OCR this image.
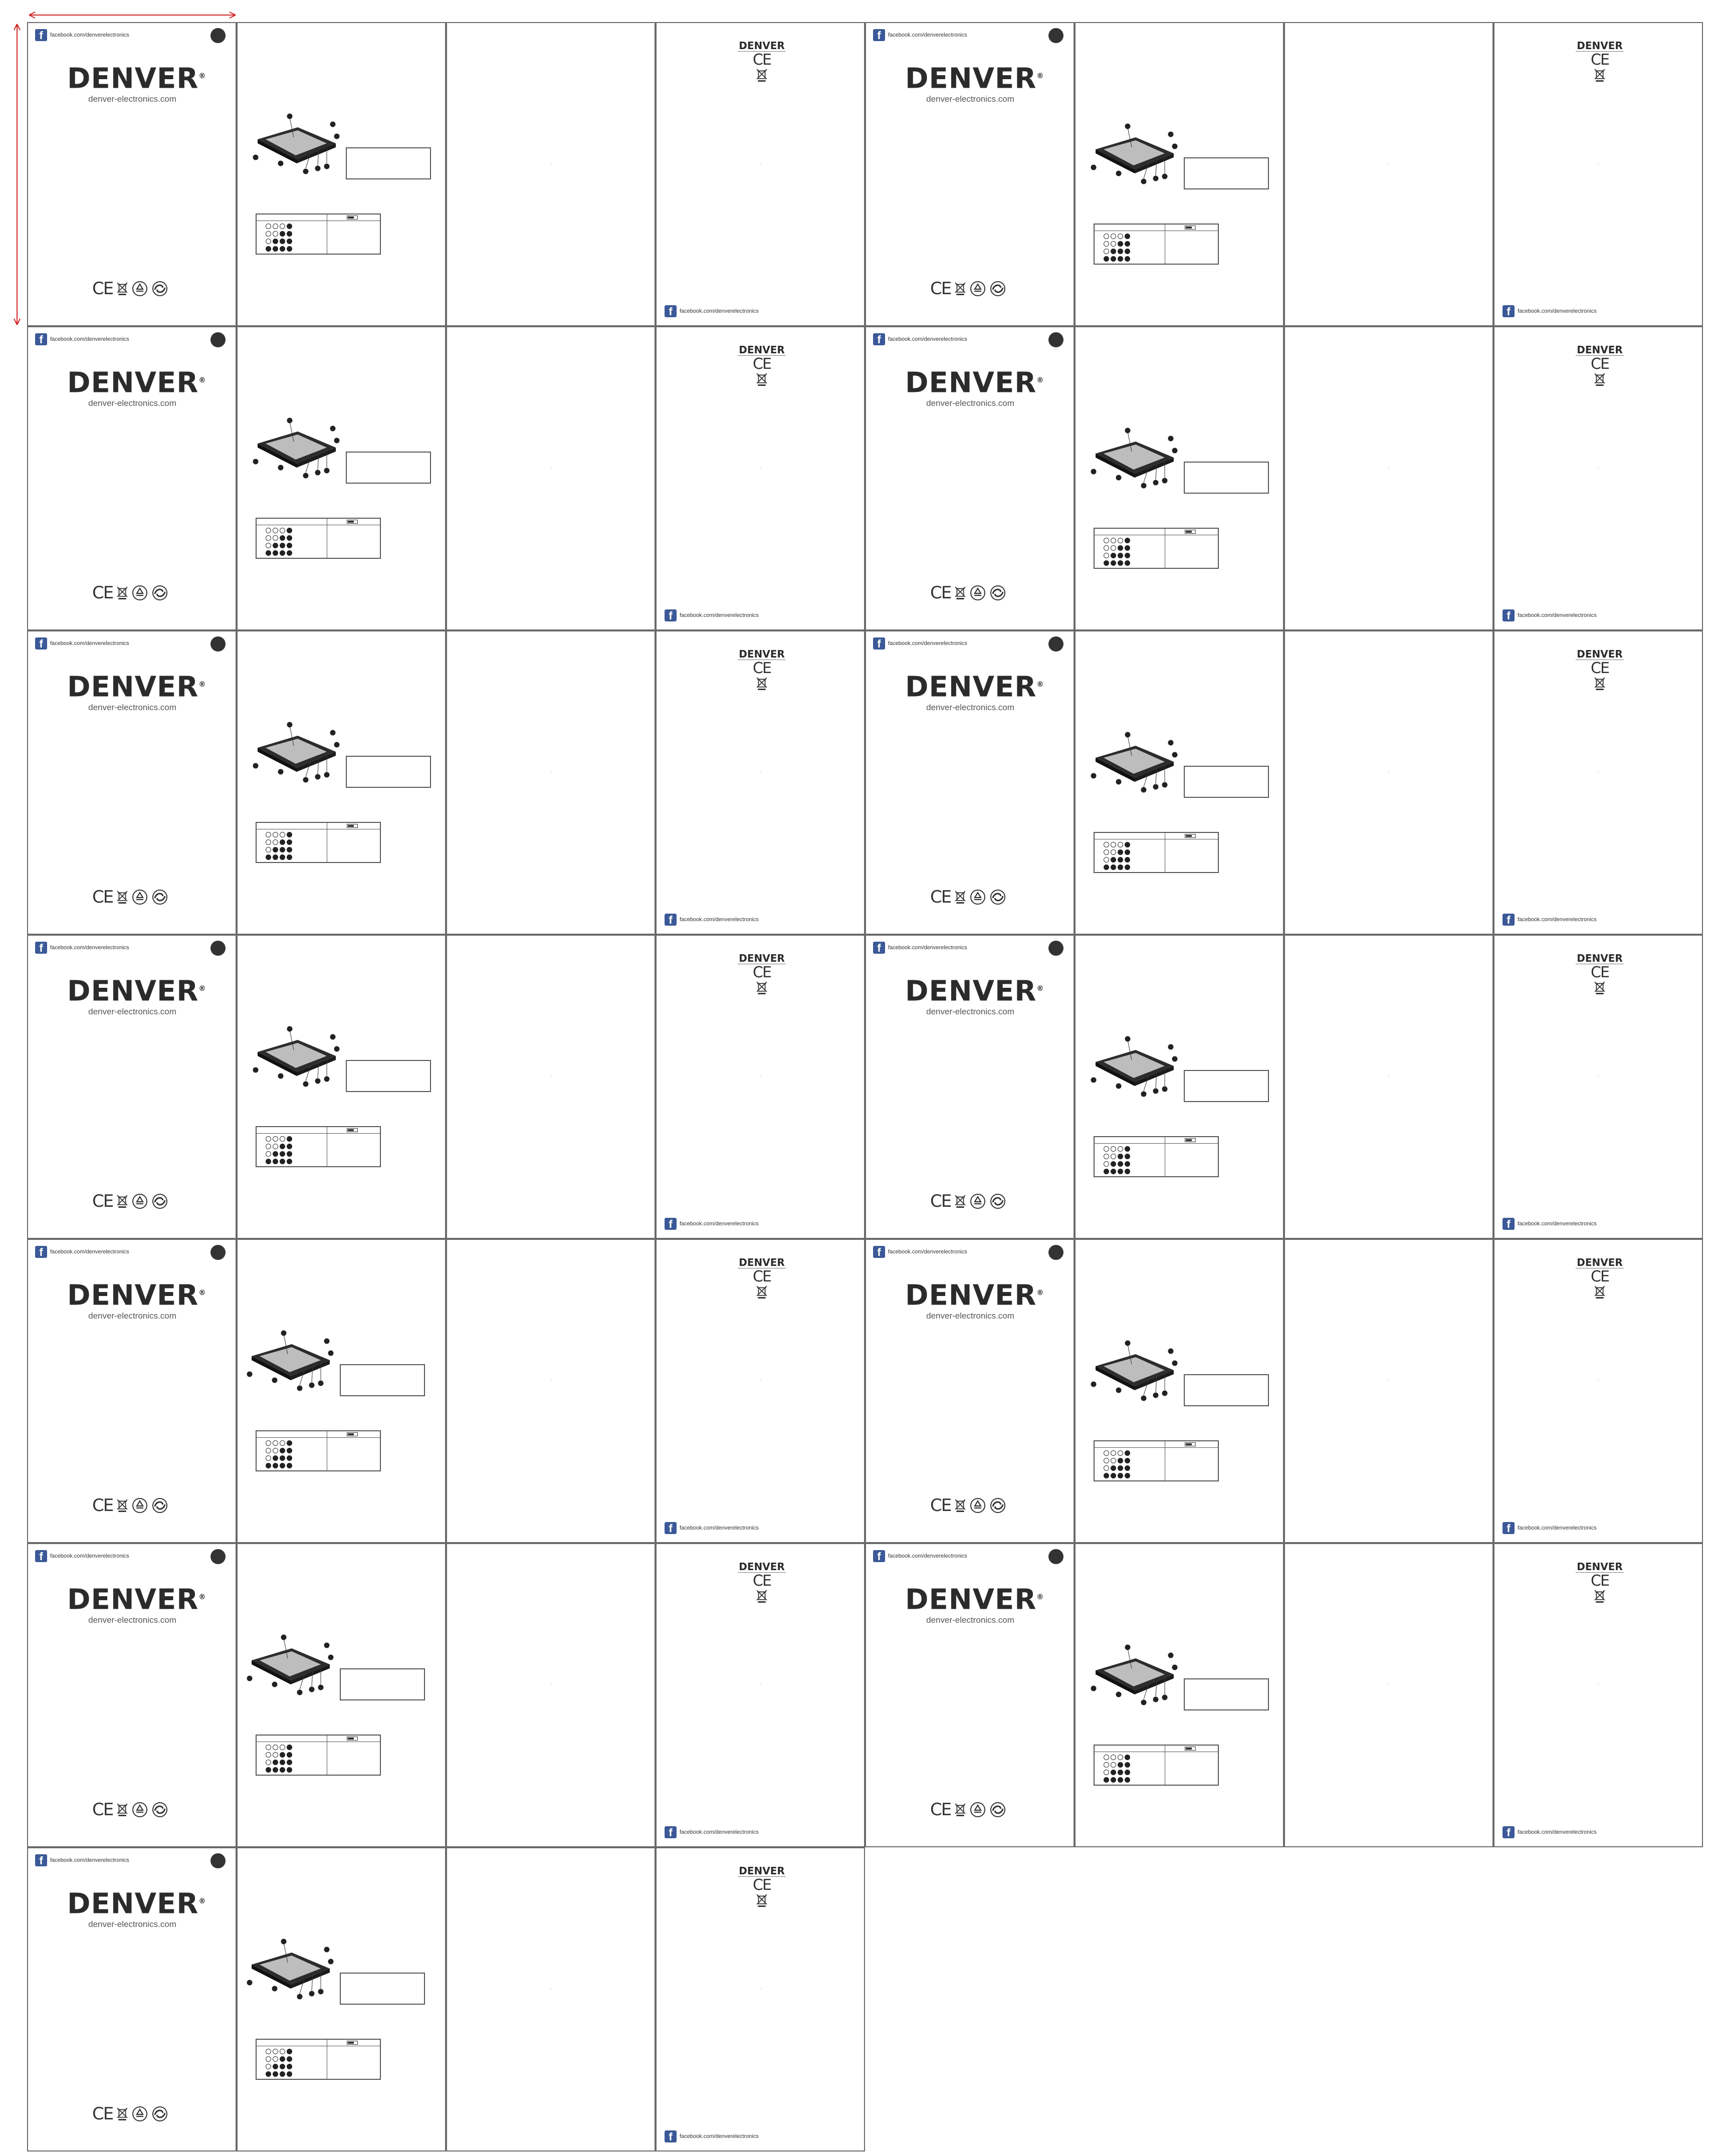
f	facebook.com/denverelectronics
DENVER®
denver-electronics.com
CE
DENVER
CE
f	facebook.com/denverelectronics
f	facebook.com/denverelectronics
DENVER®
denver-electronics.com
CE
DENVER
CE
f	facebook.com/denverelectronics
f	facebook.com/denverelectronics
DENVER®
denver-electronics.com
CE
DENVER
CE
f	facebook.com/denverelectronics
f	facebook.com/denverelectronics
DENVER®
denver-electronics.com
CE
DENVER
CE
f	facebook.com/denverelectronics
f	facebook.com/denverelectronics
DENVER®
denver-electronics.com
CE
DENVER
CE
f	facebook.com/denverelectronics
f	facebook.com/denverelectronics
DENVER®
denver-electronics.com
CE
DENVER
CE
f	facebook.com/denverelectronics
f	facebook.com/denverelectronics
DENVER®
denver-electronics.com
CE
DENVER
CE
f	facebook.com/denverelectronics
f	facebook.com/denverelectronics
DENVER®
denver-electronics.com
CE
DENVER
CE
f	facebook.com/denverelectronics
f	facebook.com/denverelectronics
DENVER®
denver-electronics.com
CE
DENVER
CE
f	facebook.com/denverelectronics
f	facebook.com/denverelectronics
DENVER®
denver-electronics.com
CE
DENVER
CE
f	facebook.com/denverelectronics
f	facebook.com/denverelectronics
DENVER®
denver-electronics.com
CE
DENVER
CE
f	facebook.com/denverelectronics
f	facebook.com/denverelectronics
DENVER®
denver-electronics.com
CE
DENVER
CE
f	facebook.com/denverelectronics
f	facebook.com/denverelectronics
DENVER®
denver-electronics.com
CE
DENVER
CE
f	facebook.com/denverelectronics
